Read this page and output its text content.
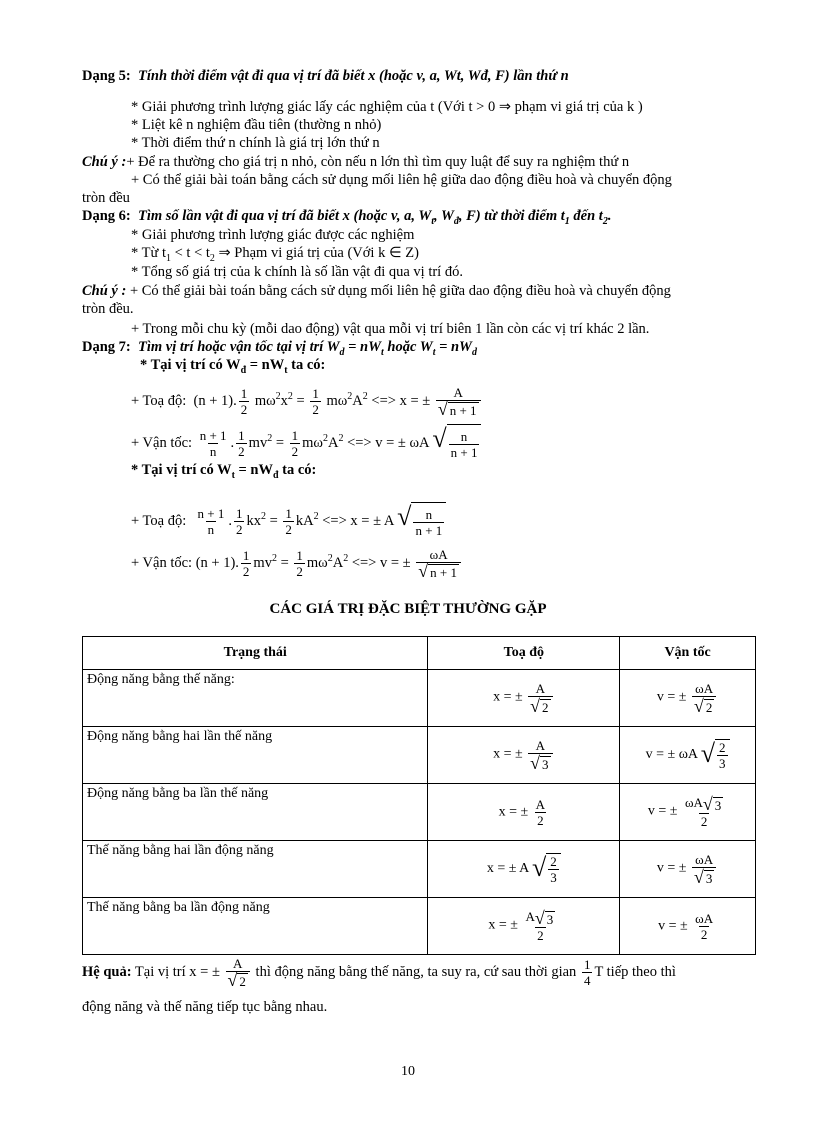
Dạng 5: Tính thời điểm vật đi qua vị trí đã biết x (hoặc v, a, Wt, Wđ, F) lần thứ n
* Giải phương trình lượng giác lấy các nghiệm của t (Với t > 0 ⇒ phạm vi giá trị của k )
* Liệt kê n nghiệm đầu tiên (thường n nhỏ)
* Thời điểm thứ n chính là giá trị lớn thứ n
Chú ý :+ Để ra thường cho giá trị n nhỏ, còn nếu n lớn thì tìm quy luật để suy ra nghiệm thứ n
+ Có thể giải bài toán bằng cách sử dụng mối liên hệ giữa dao động điều hoà và chuyển động
tròn đều
Dạng 6: Tìm số lần vật đi qua vị trí đã biết x (hoặc v, a, $W_t$, $W_đ$, F) từ thời điểm $t_1$ đến $t_2$.
* Giải phương trình lượng giác được các nghiệm
* Từ $t_1 < t < t_2$ ⇒ Phạm vi giá trị của (Với k ∈ Z)
* Tổng số giá trị của k chính là số lần vật đi qua vị trí đó.
Chú ý : + Có thể giải bài toán bằng cách sử dụng mối liên hệ giữa dao động điều hoà và chuyển động
tròn đều.
+ Trong mỗi chu kỳ (mỗi dao động) vật qua mỗi vị trí biên 1 lần còn các vị trí khác 2 lần.
Dạng 7: Tìm vị trí hoặc vận tốc tại vị trí $W_d = nW_t$ hoặc $W_t = nW_d$
* Tại vị trí có $W_đ = nW_t$ ta có:
+ Toạ độ:  (n + 1). $\frac{1}{2} m\omega^2x^2 = \frac{1}{2} m\omega^2A^2$ <=> x = ± $\frac{A}{√ n + 1}$
+ Vận tốc: $\frac{n + 1}{n}$ . $\frac{1}{2} mv^2 = \frac{1}{2} m\omega^2A^2$ <=> v = ± ωA √ $\frac{n}{n + 1}$
* Tại vị trí có $W_t = nW_đ$ ta có:
+ Toạ độ: $\frac{n + 1}{n}$ . $\frac{1}{2} kx^2 = \frac{1}{2} kA^2$ <=> x = ± A √ $\frac{n}{n + 1}$
+ Vận tốc: (n + 1). $\frac{1}{2} mv^2 = \frac{1}{2} m\omega^2A^2$ <=> v = ± $\frac{\omega A}{√ n + 1}$
CÁC GIÁ TRỊ ĐẶC BIỆT THƯỜNG GẶP
Trạng thái	Toạ độ	Vận tốc
Động năng bằng thế năng:	x = ± $\frac{A}{√ 2}$	v = ± $\frac{\omega A}{√ 2}$

Động năng bằng hai lần thế năng	x = ± $\frac{A}{√ 3}$	v = ± ωA √ $\frac{2}{3}$

Động năng bằng ba lần thế năng	x = ± $\frac{A}{2}$	v = ± $\frac{\omega A √ 3}{2}$

Thế năng bằng hai lần động năng	x = ± A √ $\frac{2}{3}$	v = ± $\frac{\omega A}{√ 3}$

Thế năng bằng ba lần động năng	x = ± $\frac{A √ 3}{2}$	v = ± $\frac{\omega A}{2}$
Hệ quả: Tại vị trí x = ± $\frac{A}{√ 2}$ thì động năng bằng thế năng, ta suy ra, cứ sau thời gian $\frac{1}{4}$ T tiếp theo thì
động năng và thế năng tiếp tục bằng nhau.
10
